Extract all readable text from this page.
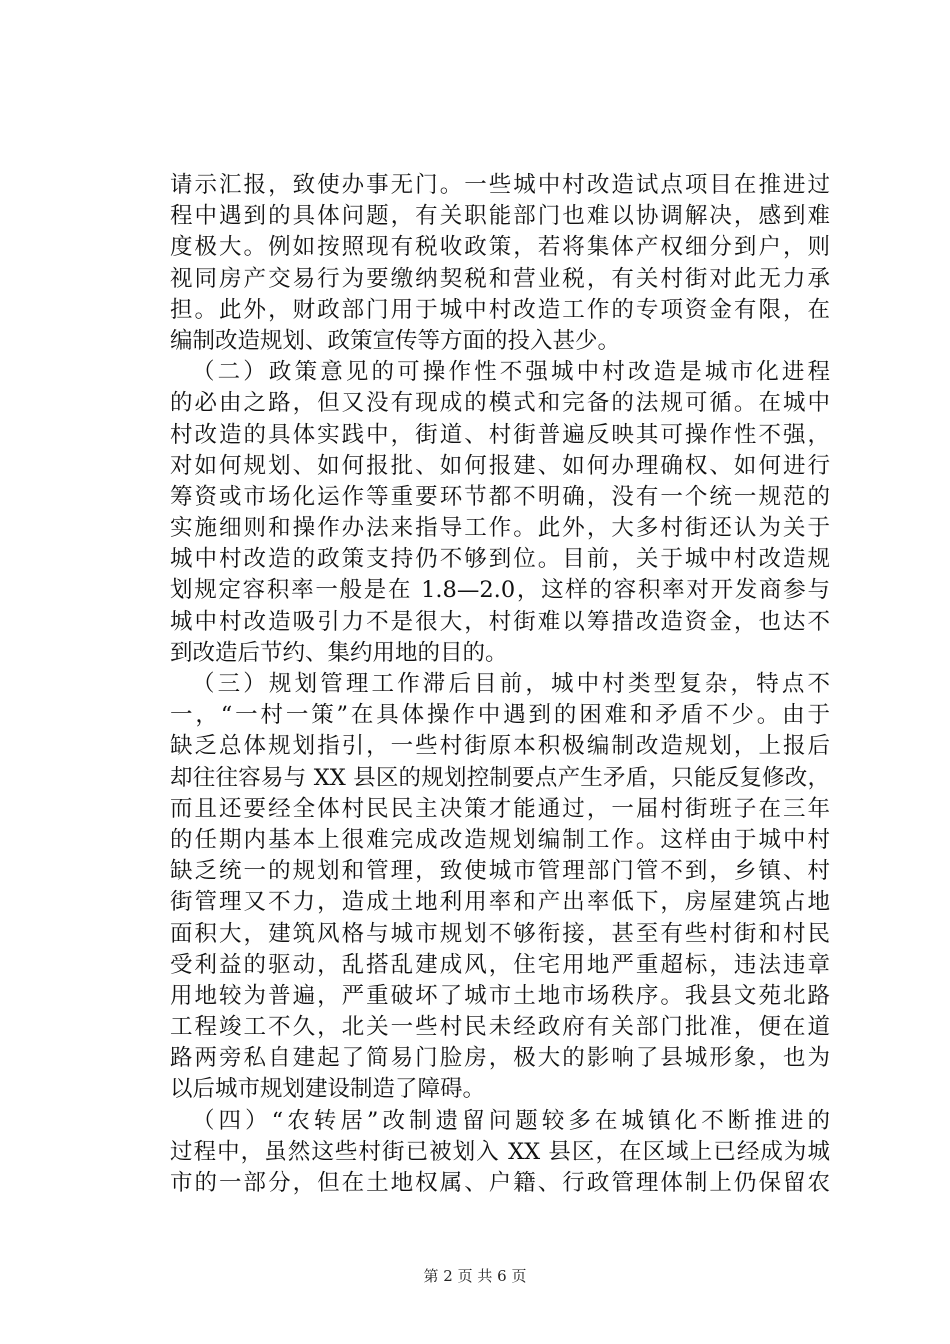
请示汇报，致使办事无门。一些城中村改造试点项目在推进过
程中遇到的具体问题，有关职能部门也难以协调解决，感到难
度极大。例如按照现有税收政策，若将集体产权细分到户，则
视同房产交易行为要缴纳契税和营业税，有关村街对此无力承
担。此外，财政部门用于城中村改造工作的专项资金有限，在
编制改造规划、政策宣传等方面的投入甚少。
（二）政策意见的可操作性不强城中村改造是城市化进程
的必由之路，但又没有现成的模式和完备的法规可循。在城中
村改造的具体实践中，街道、村街普遍反映其可操作性不强，
对如何规划、如何报批、如何报建、如何办理确权、如何进行
筹资或市场化运作等重要环节都不明确，没有一个统一规范的
实施细则和操作办法来指导工作。此外，大多村街还认为关于
城中村改造的政策支持仍不够到位。目前，关于城中村改造规
划规定容积率一般是在 1.8—2.0，这样的容积率对开发商参与
城中村改造吸引力不是很大，村街难以筹措改造资金，也达不
到改造后节约、集约用地的目的。
（三）规划管理工作滞后目前，城中村类型复杂，特点不
一，“一村一策”在具体操作中遇到的困难和矛盾不少。由于
缺乏总体规划指引，一些村街原本积极编制改造规划，上报后
却往往容易与 XX 县区的规划控制要点产生矛盾，只能反复修改，
而且还要经全体村民民主决策才能通过，一届村街班子在三年
的任期内基本上很难完成改造规划编制工作。这样由于城中村
缺乏统一的规划和管理，致使城市管理部门管不到，乡镇、村
街管理又不力，造成土地利用率和产出率低下，房屋建筑占地
面积大，建筑风格与城市规划不够衔接，甚至有些村街和村民
受利益的驱动，乱搭乱建成风，住宅用地严重超标，违法违章
用地较为普遍，严重破坏了城市土地市场秩序。我县文苑北路
工程竣工不久，北关一些村民未经政府有关部门批准，便在道
路两旁私自建起了简易门脸房，极大的影响了县城形象，也为
以后城市规划建设制造了障碍。
（四）“农转居”改制遗留问题较多在城镇化不断推进的
过程中，虽然这些村街已被划入 XX 县区，在区域上已经成为城
市的一部分，但在土地权属、户籍、行政管理体制上仍保留农
第 2 页 共 6 页
